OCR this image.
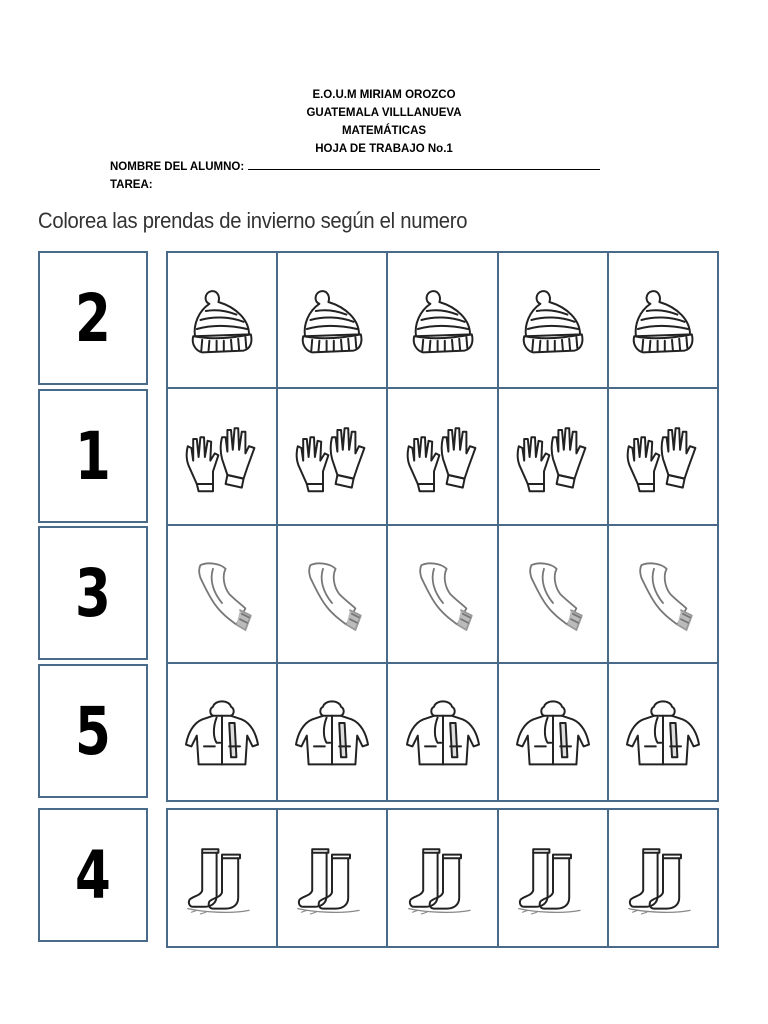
E.O.U.M MIRIAM OROZCO
GUATEMALA VILLLANUEVA
MATEMÁTICAS
HOJA DE TRABAJO No.1
NOMBRE DEL ALUMNO:
TAREA:
Colorea las prendas de invierno según el numero
2
1
3
5
4
